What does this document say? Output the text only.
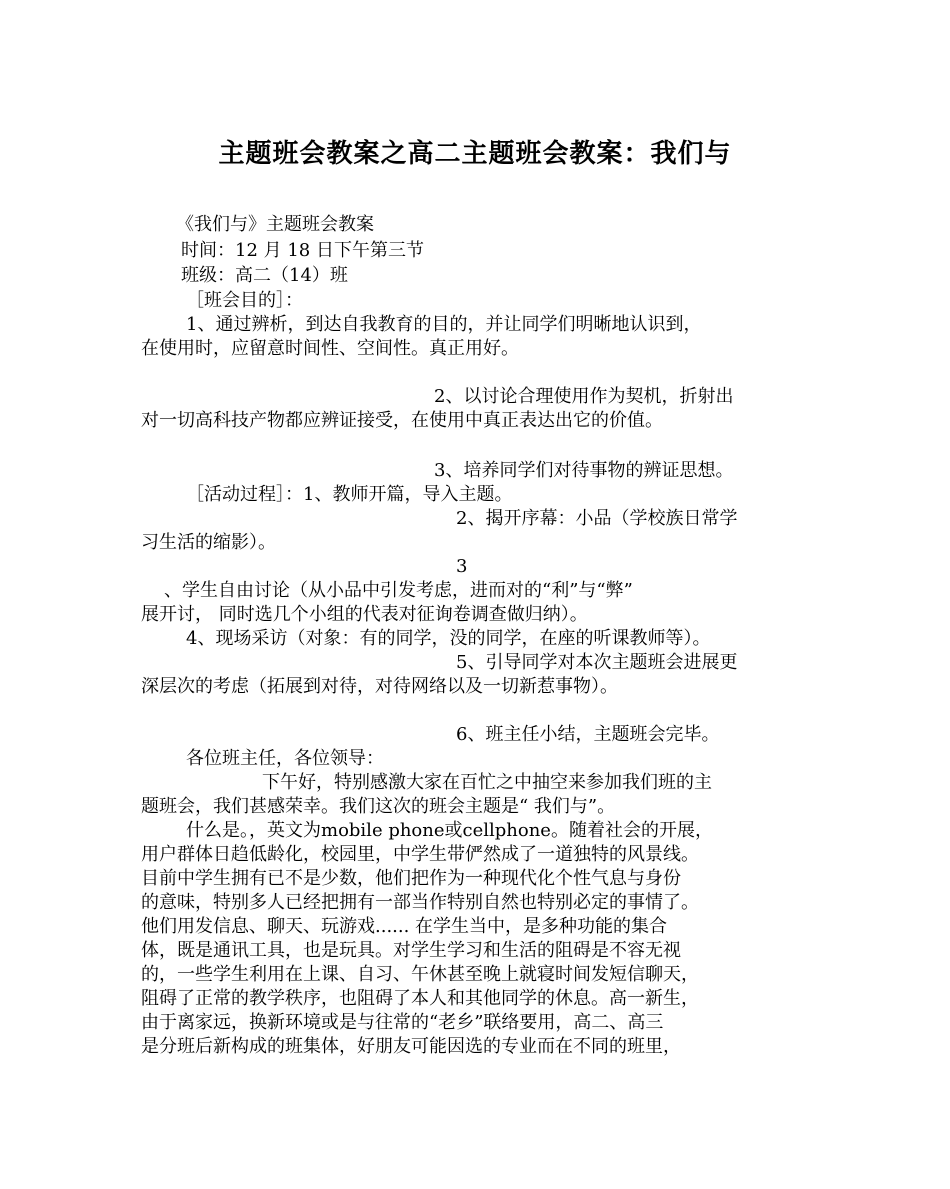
主题班会教案之高二主题班会教案：我们与
《我们与》主题班会教案
时间：12 月 18 日下午第三节
班级：高二（14）班
［班会目的］：
1、通过辨析，到达自我教育的目的，并让同学们明晰地认识到，
在使用时，应留意时间性、空间性。真正用好。
2、以讨论合理使用作为契机，折射出
对一切高科技产物都应辨证接受，在使用中真正表达出它的价值。
3、培养同学们对待事物的辨证思想。
［活动过程］：1、教师开篇，导入主题。
2、揭开序幕：小品（学校族日常学
习生活的缩影）。
3
、学生自由讨论（从小品中引发考虑，进而对的“利”与“弊”
展开讨， 同时选几个小组的代表对征询卷调查做归纳）。
4、现场采访（对象：有的同学，没的同学，在座的听课教师等）。
5、引导同学对本次主题班会进展更
深层次的考虑（拓展到对待，对待网络以及一切新惹事物）。
6、班主任小结，主题班会完毕。
各位班主任，各位领导：
下午好，特别感激大家在百忙之中抽空来参加我们班的主
题班会，我们甚感荣幸。我们这次的班会主题是“ 我们与”。
什么是。，英文为mobile phone或cellphone。随着社会的开展，
用户群体日趋低龄化，校园里，中学生带俨然成了一道独特的风景线。
目前中学生拥有已不是少数，他们把作为一种现代化个性气息与身份
的意味，特别多人已经把拥有一部当作特别自然也特别必定的事情了。
他们用发信息、聊天、玩游戏...... 在学生当中，是多种功能的集合
体，既是通讯工具，也是玩具。对学生学习和生活的阻碍是不容无视
的，一些学生利用在上课、自习、午休甚至晚上就寝时间发短信聊天，
阻碍了正常的教学秩序，也阻碍了本人和其他同学的休息。高一新生，
由于离家远，换新环境或是与往常的“老乡”联络要用，高二、高三
是分班后新构成的班集体，好朋友可能因选的专业而在不同的班里，
